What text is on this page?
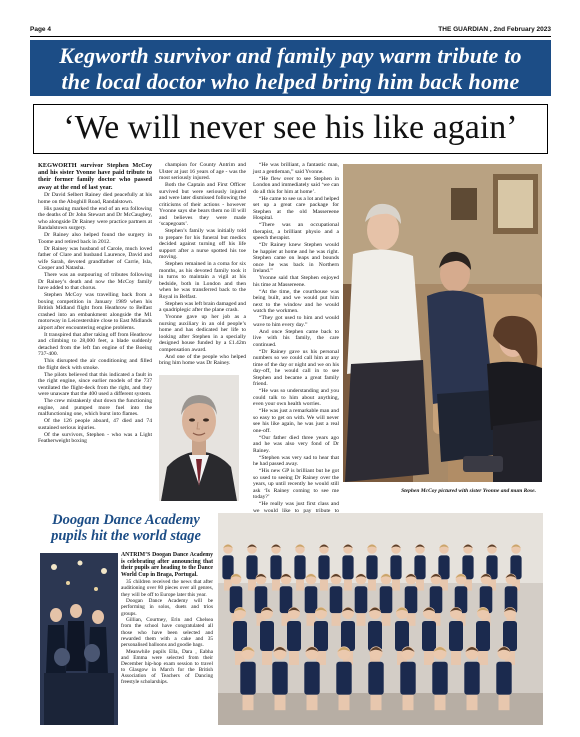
Page 4	THE GUARDIAN , 2nd February 2023
Kegworth survivor and family pay warm tribute to
the local doctor who helped bring him back home
‘We will never see his like again’

KEGWORTH survivor Stephen McCoy and his sister Yvonne have paid tribute to their former family doctor who passed away at the end of last year.

Dr David Selbert Rainey died peacefully at his home on the Aboghill Road, Randalstown.

His passing marked the end of an era following the deaths of Dr John Stewart and Dr McCaughey, who alongside Dr Rainey were practice partners at Randalstown surgery.

Dr Rainey also helped found the surgery in Toome and retired back in 2012.

Dr Rainey was husband of Carole, much loved father of Clare and husband Laurence, David and wife Sarah, devoted grandfather of Carrie, Isla, Cooper and Natasha.

There was an outpouring of tributes following Dr Rainey’s death and now the McCoy family have added to that chorus.

Stephen McCoy was travelling back from a boxing competition in January 1989 when his British Midland flight from Heathrow to Belfast crashed into an embankment alongside the M1 motorway in Leicestershire close to East Midlands airport after encountering engine problems.

It transpired that after taking off from Heathrow and climbing to 28,000 feet, a blade suddenly detached from the left fan engine of the Boeing 737-400.

This disrupted the air conditioning and filled the flight deck with smoke.

The pilots believed that this indicated a fault in the right engine, since earlier models of the 737 ventilated the flight-deck from the right, and they were unaware that the 400 used a different system.

The crew mistakenly shut down the functioning engine, and pumped more fuel into the malfunctioning one, which burst into flames.

Of the 126 people aboard, 47 died and 74 sustained serious injuries.

Of the survivors, Stephen - who was a Light Featherweight boxing

champion for County Antrim and Ulster at just 16 years of age - was the most seriously injured.

Both the Captain and First Officer survived but were seriously injured and were later dismissed following the criticisms of their actions - however Yvonne says she bears them no ill will and believes they were made ‘scapegoats’.

Stephen’s family was initially told to prepare for his funeral but medics decided against turning off his life support after a nurse spotted his toe moving.

Stephen remained in a coma for six months, as his devoted family took it in turns to maintain a vigil at his bedside, both in London and then when he was transferred back to the Royal in Belfast.

Stephen was left brain damaged and a quadriplegic after the plane crash.

Yvonne gave up her job as a nursing auxiliary in an old people’s home and has dedicated her life to looking after Stephen in a specially designed house funded by a £1.42m compensation award.

And one of the people who helped bring him home was Dr Rainey.

“He was brilliant, a fantastic man, just a gentleman,” said Yvonne.

“He flew over to see Stephen in London and immediately said ‘we can do all this for him at home’.

“He came to see us a lot and helped set up a great care package for Stephen at the old Massereene Hospital.

“There was an occupational therapist, a brilliant physio and a speech therapist.

“Dr Rainey knew Stephen would be happier at home and he was right. Stephen came on leaps and bounds once he was back in Northern Ireland.”

Yvonne said that Stephen enjoyed his time at Massereene.

“At the time, the courthouse was being built, and we would put him next to the window and he would watch the workmen.

“They got used to him and would wave to him every day.”

And once Stephen came back to live with his family, the care continued.

“Dr Rainey gave us his personal numbers so we could call him at any time of the day or night and we on his day-off, he would call in to see Stephen and became a great family friend.

“He was so understanding and you could talk to him about anything, even your own health worries.

“He was just a remarkable man and so easy to get on with. We will never see his like again, he was just a real one-off.

“Our father died three years ago and he was also very fond of Dr Rainey.

“Stephen was very sad to hear that he had passed away.

“His new GP is brilliant but he got so used to seeing Dr Rainey over the years, up until recently he would still ask ‘Is Rainey coming to see me today?’

“He really was just first class and we would like to pay tribute to

Stephen McCoy pictured with sister Yvonne and mum Rose.
Doogan Dance Academy
pupils hit the world stage

ANTRIM’S Doogan Dance Academy is celebrating after announcing that their pupils are heading to the Dance World Cup in Braga, Portugal.

35 children received the news that after auditioning over 80 pieces over all genres, they will be off to Europe later this year.

Doogan Dance Academy will be performing in solos, duets and trios groups.

Gillian, Courtney, Erin and Chelsea from the school have congratulated all those who have been selected and rewarded them with a cake and 35 personalised balloons and goodie bags.

Meanwhile pupils Ella, Dara , Eabha and Emma were selected from their December hip-hop exam session to travel to Glasgow in March for the British Association of Teachers of Dancing freestyle scholarships.
